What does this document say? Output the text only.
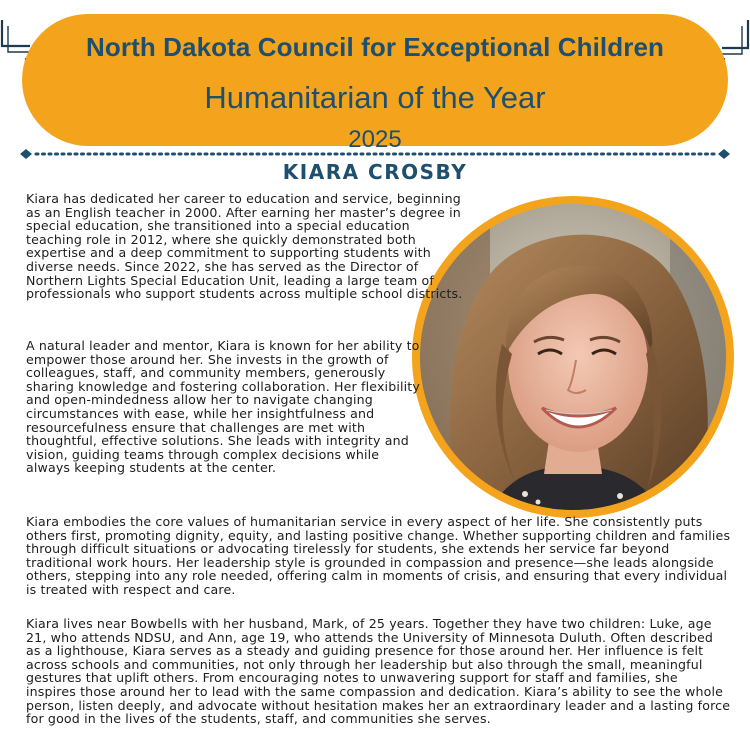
North Dakota Council for Exceptional Children
Humanitarian of the Year
2025
KIARA CROSBY

Kiara has dedicated her career to education and service, beginning as an English teacher in 2000. After earning her master’s degree in special education, she transitioned into a special education teaching role in 2012, where she quickly demonstrated both expertise and a deep commitment to supporting students with diverse needs. Since 2022, she has served as the Director of Northern Lights Special Education Unit, leading a large team of professionals who support students across multiple school districts.

A natural leader and mentor, Kiara is known for her ability to empower those around her. She invests in the growth of colleagues, staff, and community members, generously sharing knowledge and fostering collaboration. Her flexibility and open-mindedness allow her to navigate changing circumstances with ease, while her insightfulness and resourcefulness ensure that challenges are met with thoughtful, effective solutions. She leads with integrity and vision, guiding teams through complex decisions while always keeping students at the center.

Kiara embodies the core values of humanitarian service in every aspect of her life. She consistently puts others first, promoting dignity, equity, and lasting positive change. Whether supporting children and families through difficult situations or advocating tirelessly for students, she extends her service far beyond traditional work hours. Her leadership style is grounded in compassion and presence—she leads alongside others, stepping into any role needed, offering calm in moments of crisis, and ensuring that every individual is treated with respect and care.

Kiara lives near Bowbells with her husband, Mark, of 25 years. Together they have two children: Luke, age 21, who attends NDSU, and Ann, age 19, who attends the University of Minnesota Duluth. Often described as a lighthouse, Kiara serves as a steady and guiding presence for those around her. Her influence is felt across schools and communities, not only through her leadership but also through the small, meaningful gestures that uplift others. From encouraging notes to unwavering support for staff and families, she inspires those around her to lead with the same compassion and dedication. Kiara’s ability to see the whole person, listen deeply, and advocate without hesitation makes her an extraordinary leader and a lasting force for good in the lives of the students, staff, and communities she serves.
